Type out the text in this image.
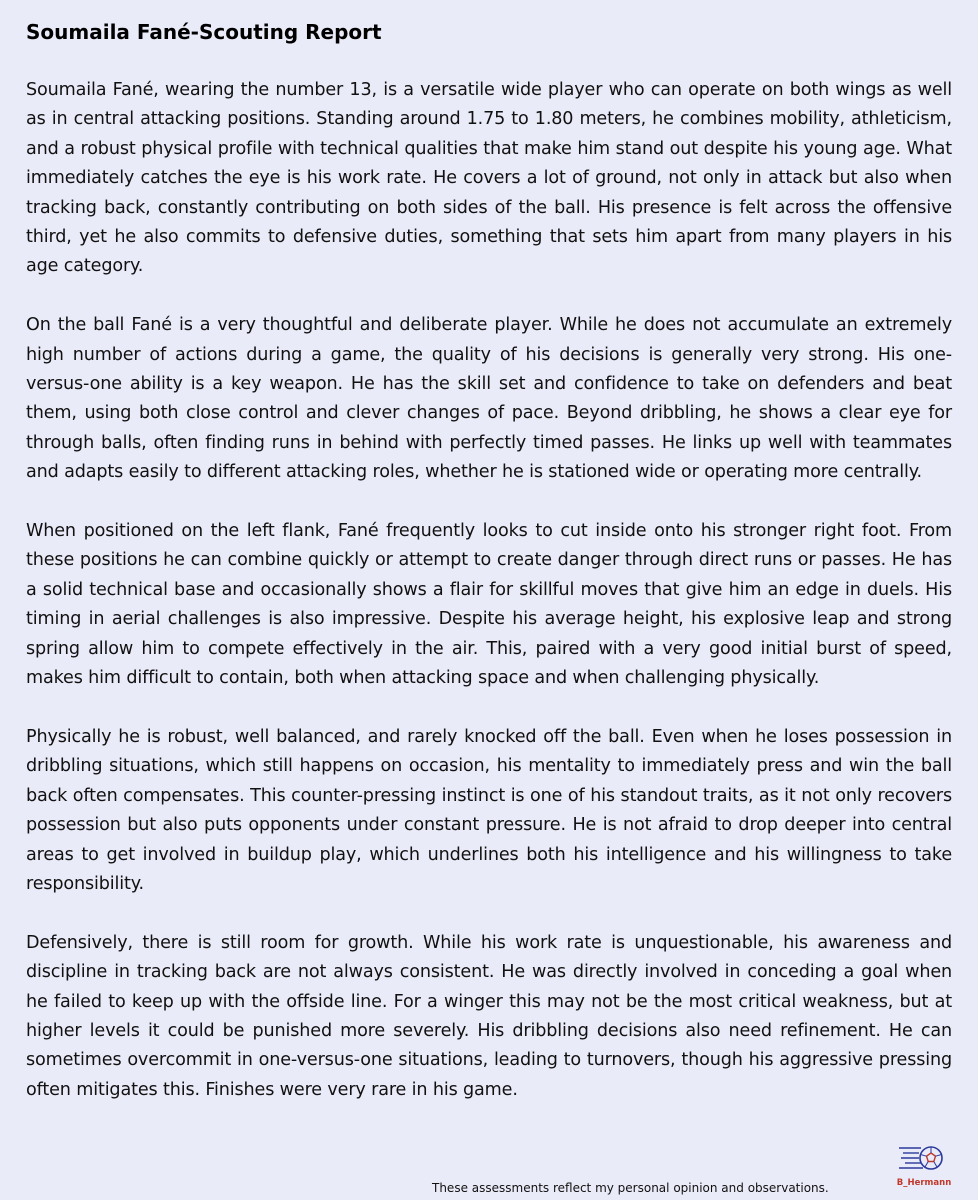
Soumaila Fané-Scouting Report

Soumaila Fané, wearing the number 13, is a versatile wide player who can operate on both wings as well as in central attacking positions. Standing around 1.75 to 1.80 meters, he combines mobility, athleticism, and a robust physical profile with technical qualities that make him stand out despite his young age. What immediately catches the eye is his work rate. He covers a lot of ground, not only in attack but also when tracking back, constantly contributing on both sides of the ball. His presence is felt across the offensive third, yet he also commits to defensive duties, something that sets him apart from many players in his age category.

On the ball Fané is a very thoughtful and deliberate player. While he does not accumulate an extremely high number of actions during a game, the quality of his decisions is generally very strong. His one-versus-one ability is a key weapon. He has the skill set and confidence to take on defenders and beat them, using both close control and clever changes of pace. Beyond dribbling, he shows a clear eye for through balls, often finding runs in behind with perfectly timed passes. He links up well with teammates and adapts easily to different attacking roles, whether he is stationed wide or operating more centrally.

When positioned on the left flank, Fané frequently looks to cut inside onto his stronger right foot. From these positions he can combine quickly or attempt to create danger through direct runs or passes. He has a solid technical base and occasionally shows a flair for skillful moves that give him an edge in duels. His timing in aerial challenges is also impressive. Despite his average height, his explosive leap and strong spring allow him to compete effectively in the air. This, paired with a very good initial burst of speed, makes him difficult to contain, both when attacking space and when challenging physically.

Physically he is robust, well balanced, and rarely knocked off the ball. Even when he loses possession in dribbling situations, which still happens on occasion, his mentality to immediately press and win the ball back often compensates. This counter-pressing instinct is one of his standout traits, as it not only recovers possession but also puts opponents under constant pressure. He is not afraid to drop deeper into central areas to get involved in buildup play, which underlines both his intelligence and his willingness to take responsibility.

Defensively, there is still room for growth. While his work rate is unquestionable, his awareness and discipline in tracking back are not always consistent. He was directly involved in conceding a goal when he failed to keep up with the offside line. For a winger this may not be the most critical weakness, but at higher levels it could be punished more severely. His dribbling decisions also need refinement. He can sometimes overcommit in one-versus-one situations, leading to turnovers, though his aggressive pressing often mitigates this. Finishes were very rare in his game.

These assessments reflect my personal opinion and observations.	B_Hermann
